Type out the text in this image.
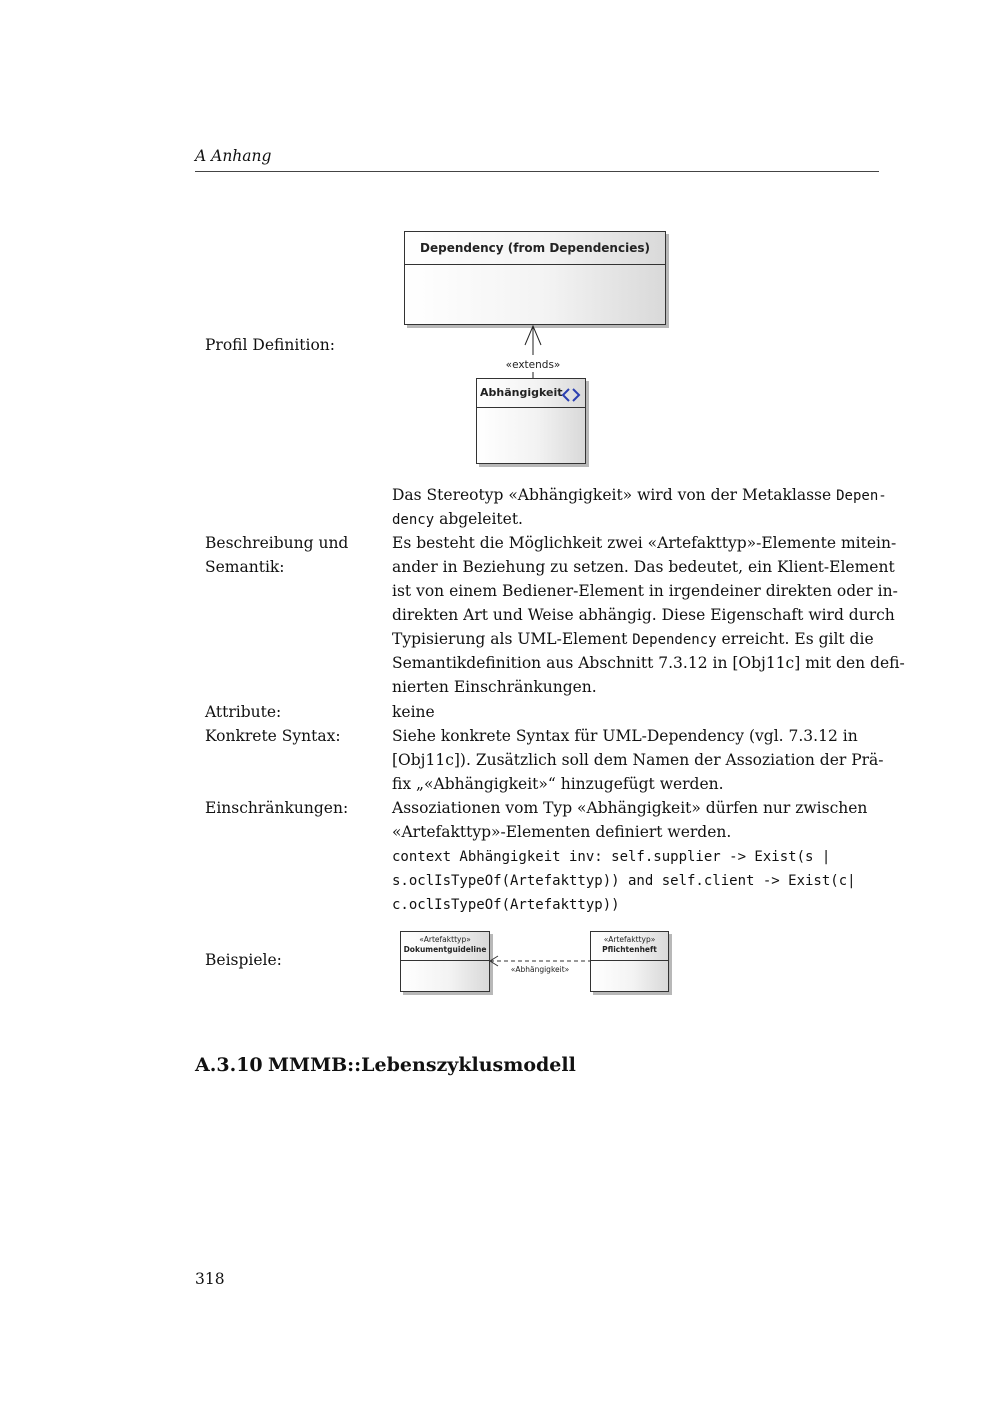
A Anhang
Profil Definition:
Dependency (from Dependencies)
«extends»
Abhängigkeit
Beschreibung und
Semantik:
Das Stereotyp «Abhängigkeit» wird von der Metaklasse Depen-
dency abgeleitet.
Es besteht die Möglichkeit zwei «Artefakttyp»-Elemente mitein-
ander in Beziehung zu setzen. Das bedeutet, ein Klient-Element
ist von einem Bediener-Element in irgendeiner direkten oder in-
direkten Art und Weise abhängig. Diese Eigenschaft wird durch
Typisierung als UML-Element Dependency erreicht. Es gilt die
Semantikdefinition aus Abschnitt 7.3.12 in [Obj11c] mit den defi-
nierten Einschränkungen.
Attribute:	keine
Konkrete Syntax:	Siehe konkrete Syntax für UML-Dependency (vgl. 7.3.12 in
[Obj11c]). Zusätzlich soll dem Namen der Assoziation der Prä-
fix „«Abhängigkeit»“ hinzugefügt werden.
Einschränkungen:	Assoziationen vom Typ «Abhängigkeit» dürfen nur zwischen
«Artefakttyp»-Elementen definiert werden.
context Abhängigkeit inv: self.supplier -> Exist(s |
s.oclIsTypeOf(Artefakttyp)) and self.client -> Exist(c|
c.oclIsTypeOf(Artefakttyp))
Beispiele:
«Artefakttyp»
Dokumentguideline
«Artefakttyp»
Pflichtenheft
«Abhängigkeit»
A.3.10 MMMB::Lebenszyklusmodell
318
